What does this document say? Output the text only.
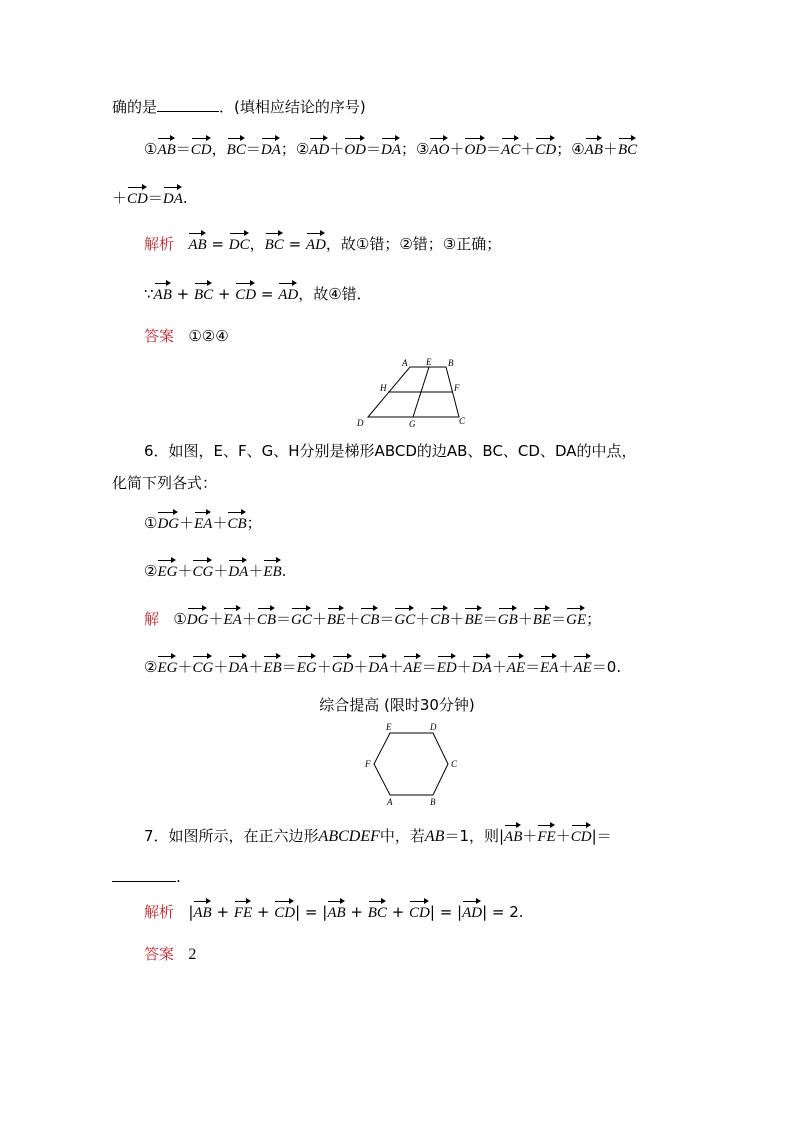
确的是	．(填相应结论的序号)
①AB＝CD，BC＝DA；②AD＋OD＝DA；③AO＋OD＝AC＋CD；④AB＋BC
＋CD＝DA.
解析 AB = DC，BC = AD，故①错；②错；③正确；
∵AB + BC + CD = AD，故④错．
答案 ①②④
A E B
H	F
D	G	C
6．如图，E、F、G、H分别是梯形ABCD的边AB、BC、CD、DA的中点，
化简下列各式：
①DG＋EA＋CB；
②EG＋CG＋DA＋EB.
解 ①DG＋EA＋CB＝GC＋BE＋CB＝GC＋CB＋BE＝GB＋BE＝GE；
②EG＋CG＋DA＋EB＝EG＋GD＋DA＋AE＝ED＋DA＋AE＝EA＋AE＝0.
综合提高 (限时30分钟)
E	D
F	C
A	B
7．如图所示，在正六边形ABCDEF中，若AB＝1，则|AB＋FE＋CD|＝
.
解析 |AB + FE + CD| = |AB + BC + CD| = |AD| = 2.
答案 2
